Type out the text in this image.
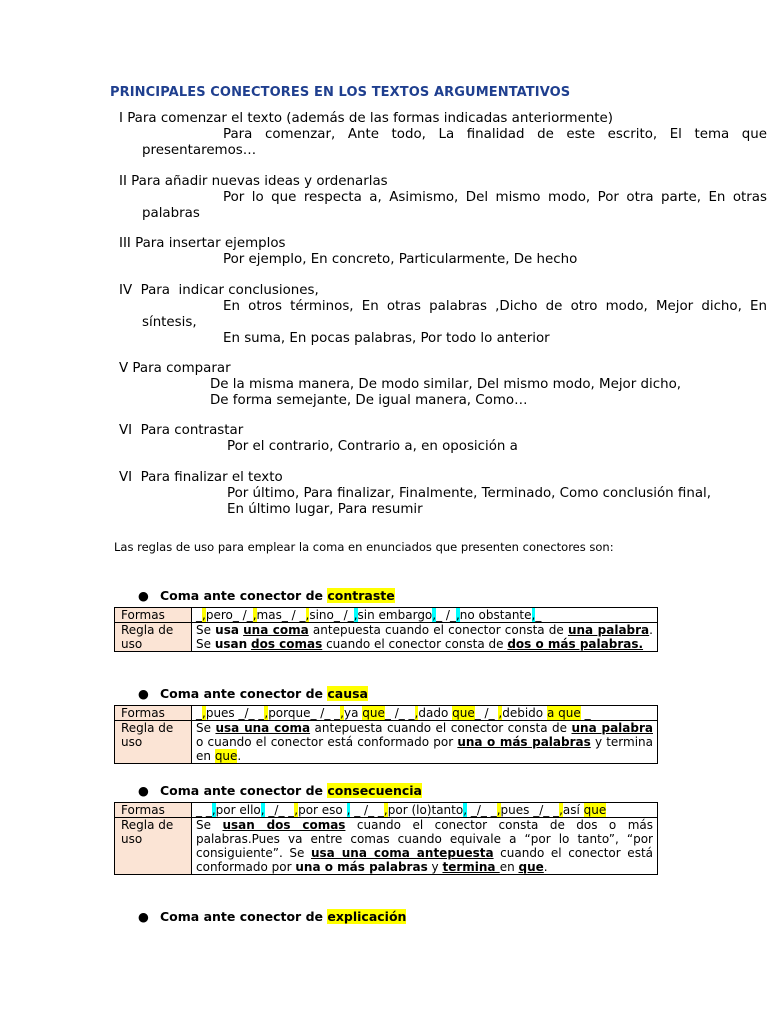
PRINCIPALES CONECTORES EN LOS TEXTOS ARGUMENTATIVOS
I Para comenzar el texto (además de las formas indicadas anteriormente)
Para comenzar, Ante todo, La finalidad de este escrito, El tema que
presentaremos…
II Para añadir nuevas ideas y ordenarlas
Por lo que respecta a, Asimismo, Del mismo modo, Por otra parte, En otras
palabras
III Para insertar ejemplos
Por ejemplo, En concreto, Particularmente, De hecho
IV  Para  indicar conclusiones,
En otros términos, En otras palabras ,Dicho de otro modo, Mejor dicho, En
síntesis,
En suma, En pocas palabras, Por todo lo anterior
V Para comparar
De la misma manera, De modo similar, Del mismo modo, Mejor dicho,
De forma semejante, De igual manera, Como…
VI  Para contrastar
Por el contrario, Contrario a, en oposición a
VI  Para finalizar el texto
Por último, Para finalizar, Finalmente, Terminado, Como conclusión final,
En último lugar, Para resumir
Las reglas de uso para emplear la coma en enunciados que presenten conectores son:
● Coma ante conector de contraste
Formas	_,pero_ /_,mas_ / _,sino_ /_,sin embargo,_ /_,no obstante,_
Regla de uso	Se usa una coma antepuesta cuando el conector consta de una palabra. Se usan dos comas cuando el conector consta de dos o más palabras.
● Coma ante conector de causa
Formas	_,pues _/_ _,porque_ /_ _,ya que_ /_ _,dado que_ /_ ,debido a que _
Regla de uso	Se usa una coma antepuesta cuando el conector consta de una palabra o cuando el conector está conformado por una o más palabras y termina en que.
● Coma ante conector de consecuencia
Formas	_ _,por ello, _/_ _,por eso , _ /_ _,por (lo)tanto, _/_ _,pues _/_ _,así que
Regla de uso	Se usan dos comas cuando el conector consta de dos o más palabras.Pues va entre comas cuando equivale a “por lo tanto”, “por consiguiente”. Se usa una coma antepuesta cuando el conector está conformado por una o más palabras y termina en que.
● Coma ante conector de explicación
